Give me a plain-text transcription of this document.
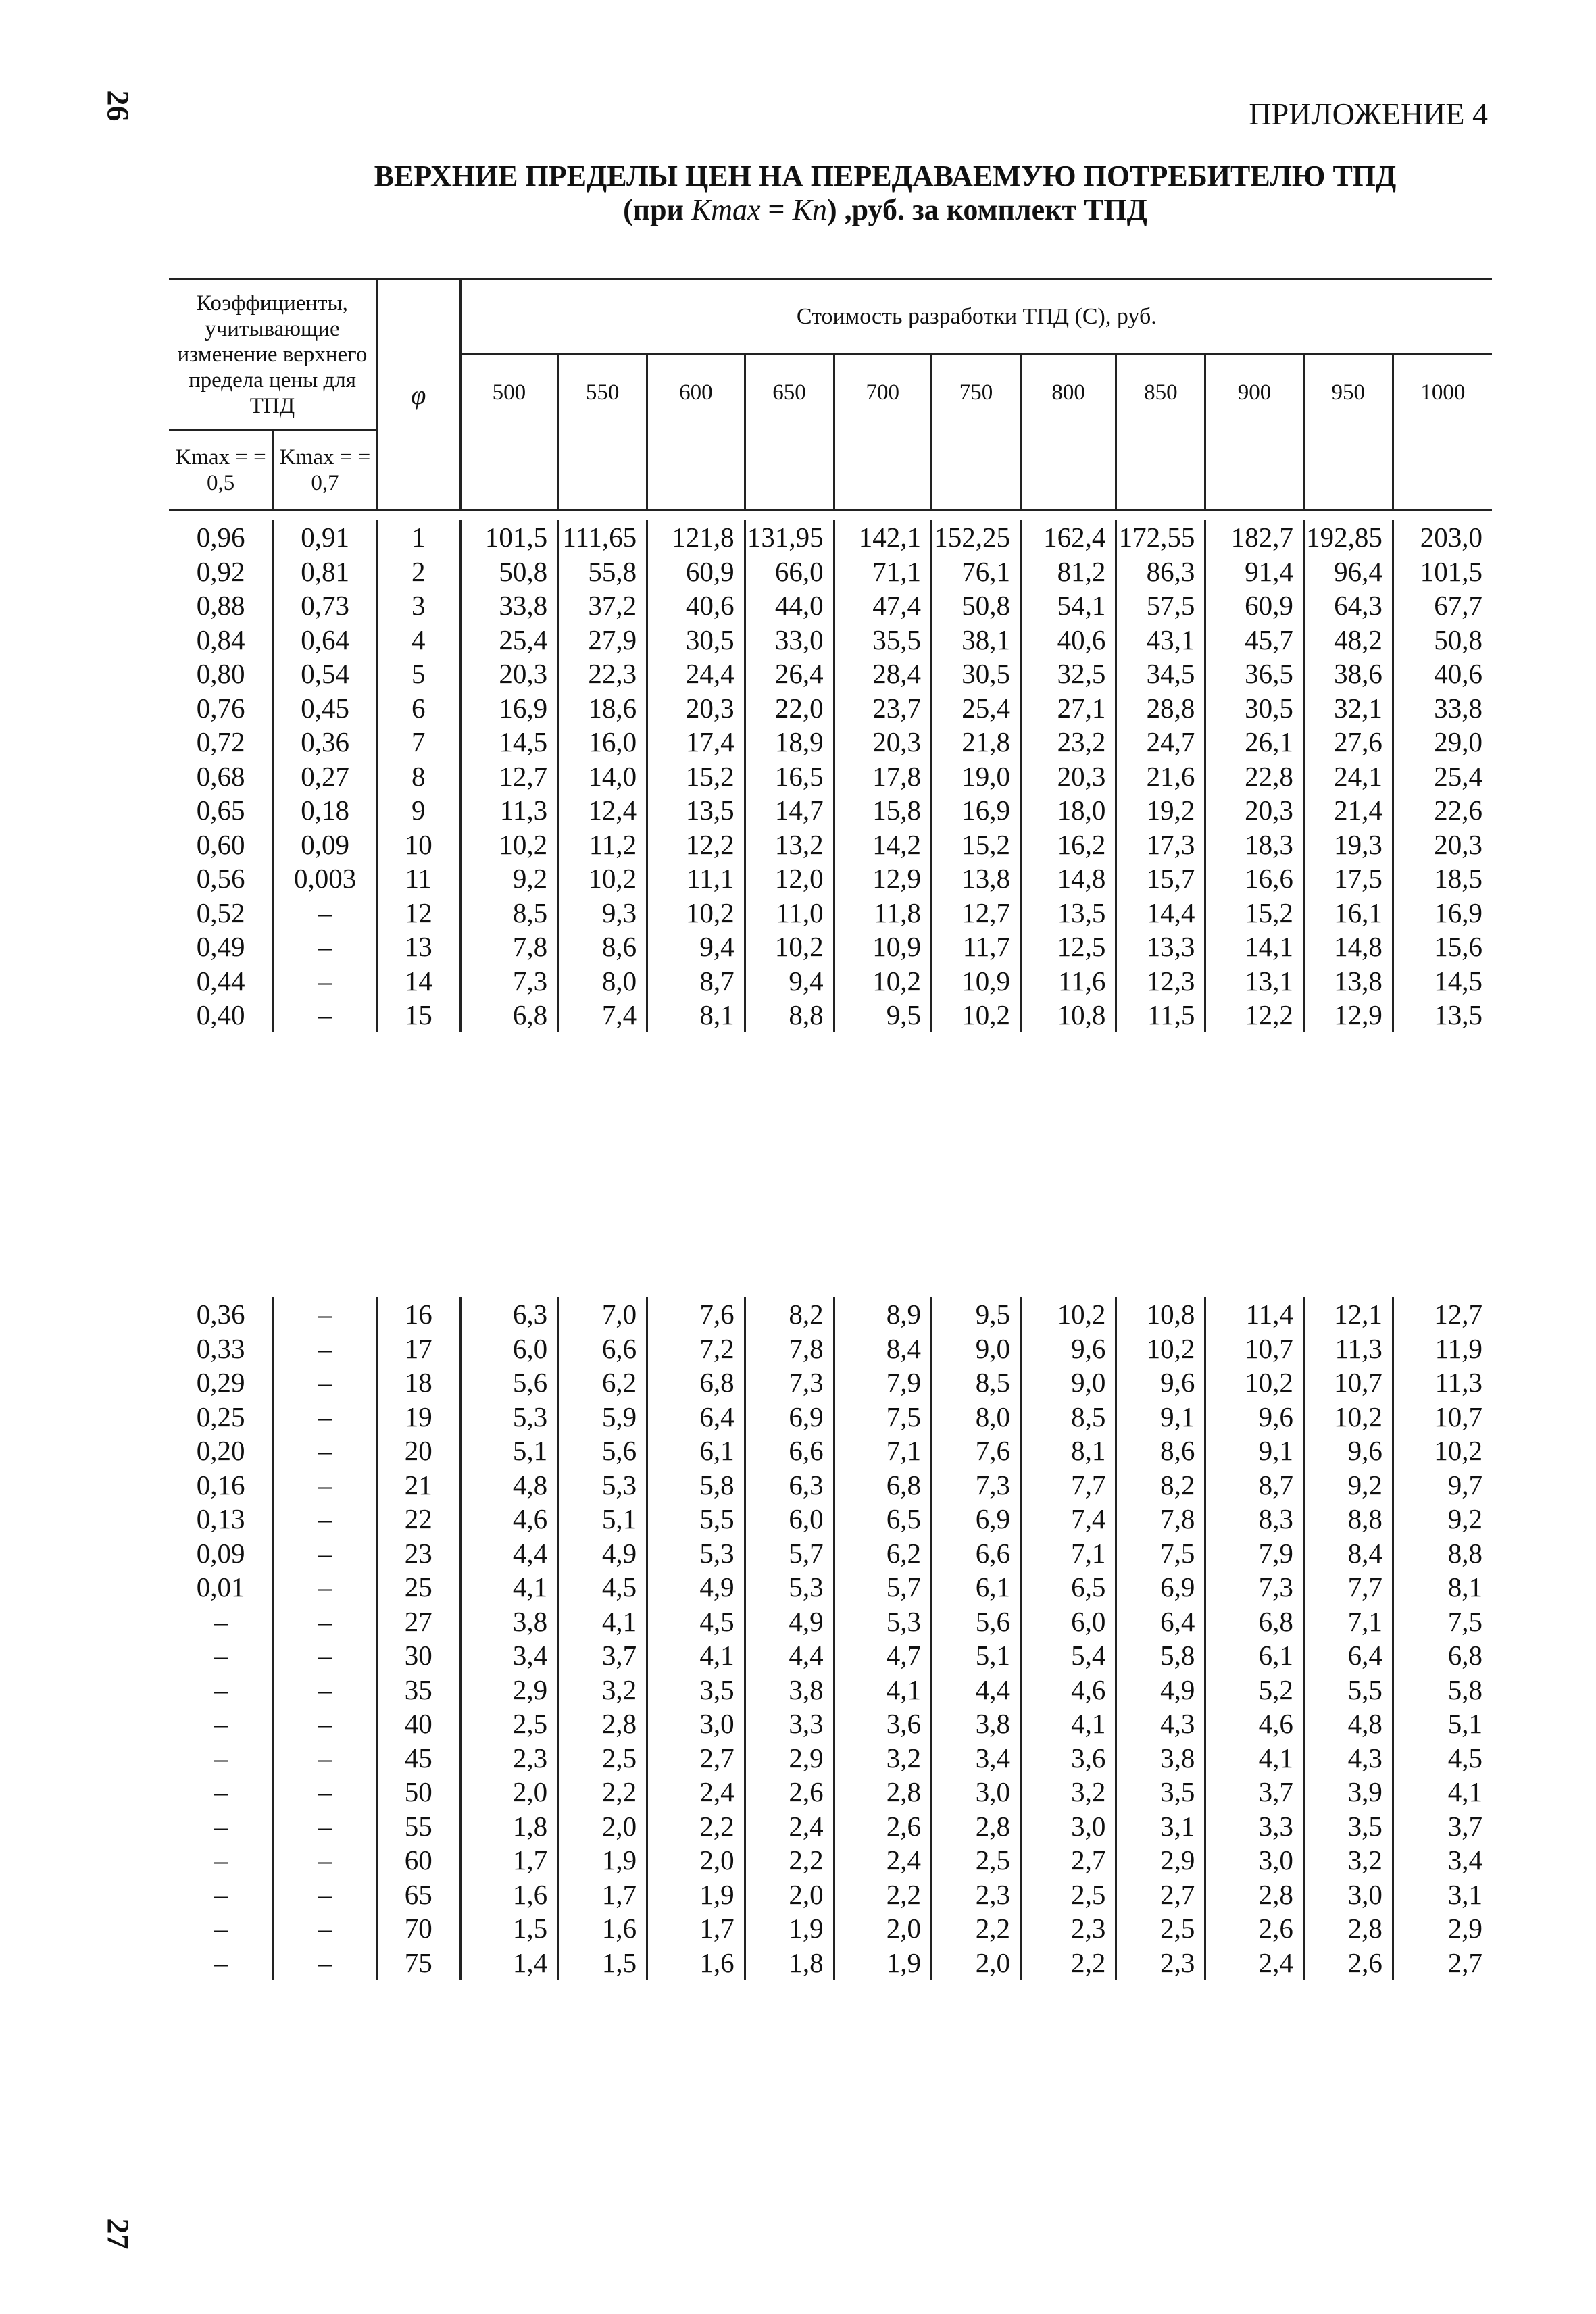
26	ПРИЛОЖЕНИЕ 4
ВЕРХНИЕ ПРЕДЕЛЫ ЦЕН НА ПЕРЕДАВАЕМУЮ ПОТРЕБИТЕЛЮ ТПД
(при Kmax = Kп) ,руб. за комплект ТПД
Коэффициенты, учитывающие изменение верхнего предела цены для ТПД		φ	Стоимость разработки ТПД (C), руб.										
			500	550	600	650	700	750	800	850	900	950	1000
Kmax = = 0,5	Kmax = = 0,7												

0,96	0,91	1	101,5	111,65	121,8	131,95	142,1	152,25	162,4	172,55	182,7	192,85	203,0
0,92	0,81	2	50,8	55,8	60,9	66,0	71,1	76,1	81,2	86,3	91,4	96,4	101,5
0,88	0,73	3	33,8	37,2	40,6	44,0	47,4	50,8	54,1	57,5	60,9	64,3	67,7
0,84	0,64	4	25,4	27,9	30,5	33,0	35,5	38,1	40,6	43,1	45,7	48,2	50,8
0,80	0,54	5	20,3	22,3	24,4	26,4	28,4	30,5	32,5	34,5	36,5	38,6	40,6
0,76	0,45	6	16,9	18,6	20,3	22,0	23,7	25,4	27,1	28,8	30,5	32,1	33,8
0,72	0,36	7	14,5	16,0	17,4	18,9	20,3	21,8	23,2	24,7	26,1	27,6	29,0
0,68	0,27	8	12,7	14,0	15,2	16,5	17,8	19,0	20,3	21,6	22,8	24,1	25,4
0,65	0,18	9	11,3	12,4	13,5	14,7	15,8	16,9	18,0	19,2	20,3	21,4	22,6
0,60	0,09	10	10,2	11,2	12,2	13,2	14,2	15,2	16,2	17,3	18,3	19,3	20,3
0,56	0,003	11	9,2	10,2	11,1	12,0	12,9	13,8	14,8	15,7	16,6	17,5	18,5
0,52	–	12	8,5	9,3	10,2	11,0	11,8	12,7	13,5	14,4	15,2	16,1	16,9
0,49	–	13	7,8	8,6	9,4	10,2	10,9	11,7	12,5	13,3	14,1	14,8	15,6
0,44	–	14	7,3	8,0	8,7	9,4	10,2	10,9	11,6	12,3	13,1	13,8	14,5
0,40	–	15	6,8	7,4	8,1	8,8	9,5	10,2	10,8	11,5	12,2	12,9	13,5
0,36	–	16	6,3	7,0	7,6	8,2	8,9	9,5	10,2	10,8	11,4	12,1	12,7
0,33	–	17	6,0	6,6	7,2	7,8	8,4	9,0	9,6	10,2	10,7	11,3	11,9
0,29	–	18	5,6	6,2	6,8	7,3	7,9	8,5	9,0	9,6	10,2	10,7	11,3
0,25	–	19	5,3	5,9	6,4	6,9	7,5	8,0	8,5	9,1	9,6	10,2	10,7
0,20	–	20	5,1	5,6	6,1	6,6	7,1	7,6	8,1	8,6	9,1	9,6	10,2
0,16	–	21	4,8	5,3	5,8	6,3	6,8	7,3	7,7	8,2	8,7	9,2	9,7
0,13	–	22	4,6	5,1	5,5	6,0	6,5	6,9	7,4	7,8	8,3	8,8	9,2
0,09	–	23	4,4	4,9	5,3	5,7	6,2	6,6	7,1	7,5	7,9	8,4	8,8
0,01	–	25	4,1	4,5	4,9	5,3	5,7	6,1	6,5	6,9	7,3	7,7	8,1
–	–	27	3,8	4,1	4,5	4,9	5,3	5,6	6,0	6,4	6,8	7,1	7,5
–	–	30	3,4	3,7	4,1	4,4	4,7	5,1	5,4	5,8	6,1	6,4	6,8
–	–	35	2,9	3,2	3,5	3,8	4,1	4,4	4,6	4,9	5,2	5,5	5,8
–	–	40	2,5	2,8	3,0	3,3	3,6	3,8	4,1	4,3	4,6	4,8	5,1
–	–	45	2,3	2,5	2,7	2,9	3,2	3,4	3,6	3,8	4,1	4,3	4,5
–	–	50	2,0	2,2	2,4	2,6	2,8	3,0	3,2	3,5	3,7	3,9	4,1
–	–	55	1,8	2,0	2,2	2,4	2,6	2,8	3,0	3,1	3,3	3,5	3,7
–	–	60	1,7	1,9	2,0	2,2	2,4	2,5	2,7	2,9	3,0	3,2	3,4
–	–	65	1,6	1,7	1,9	2,0	2,2	2,3	2,5	2,7	2,8	3,0	3,1
–	–	70	1,5	1,6	1,7	1,9	2,0	2,2	2,3	2,5	2,6	2,8	2,9
–	–	75	1,4	1,5	1,6	1,8	1,9	2,0	2,2	2,3	2,4	2,6	2,7
27
